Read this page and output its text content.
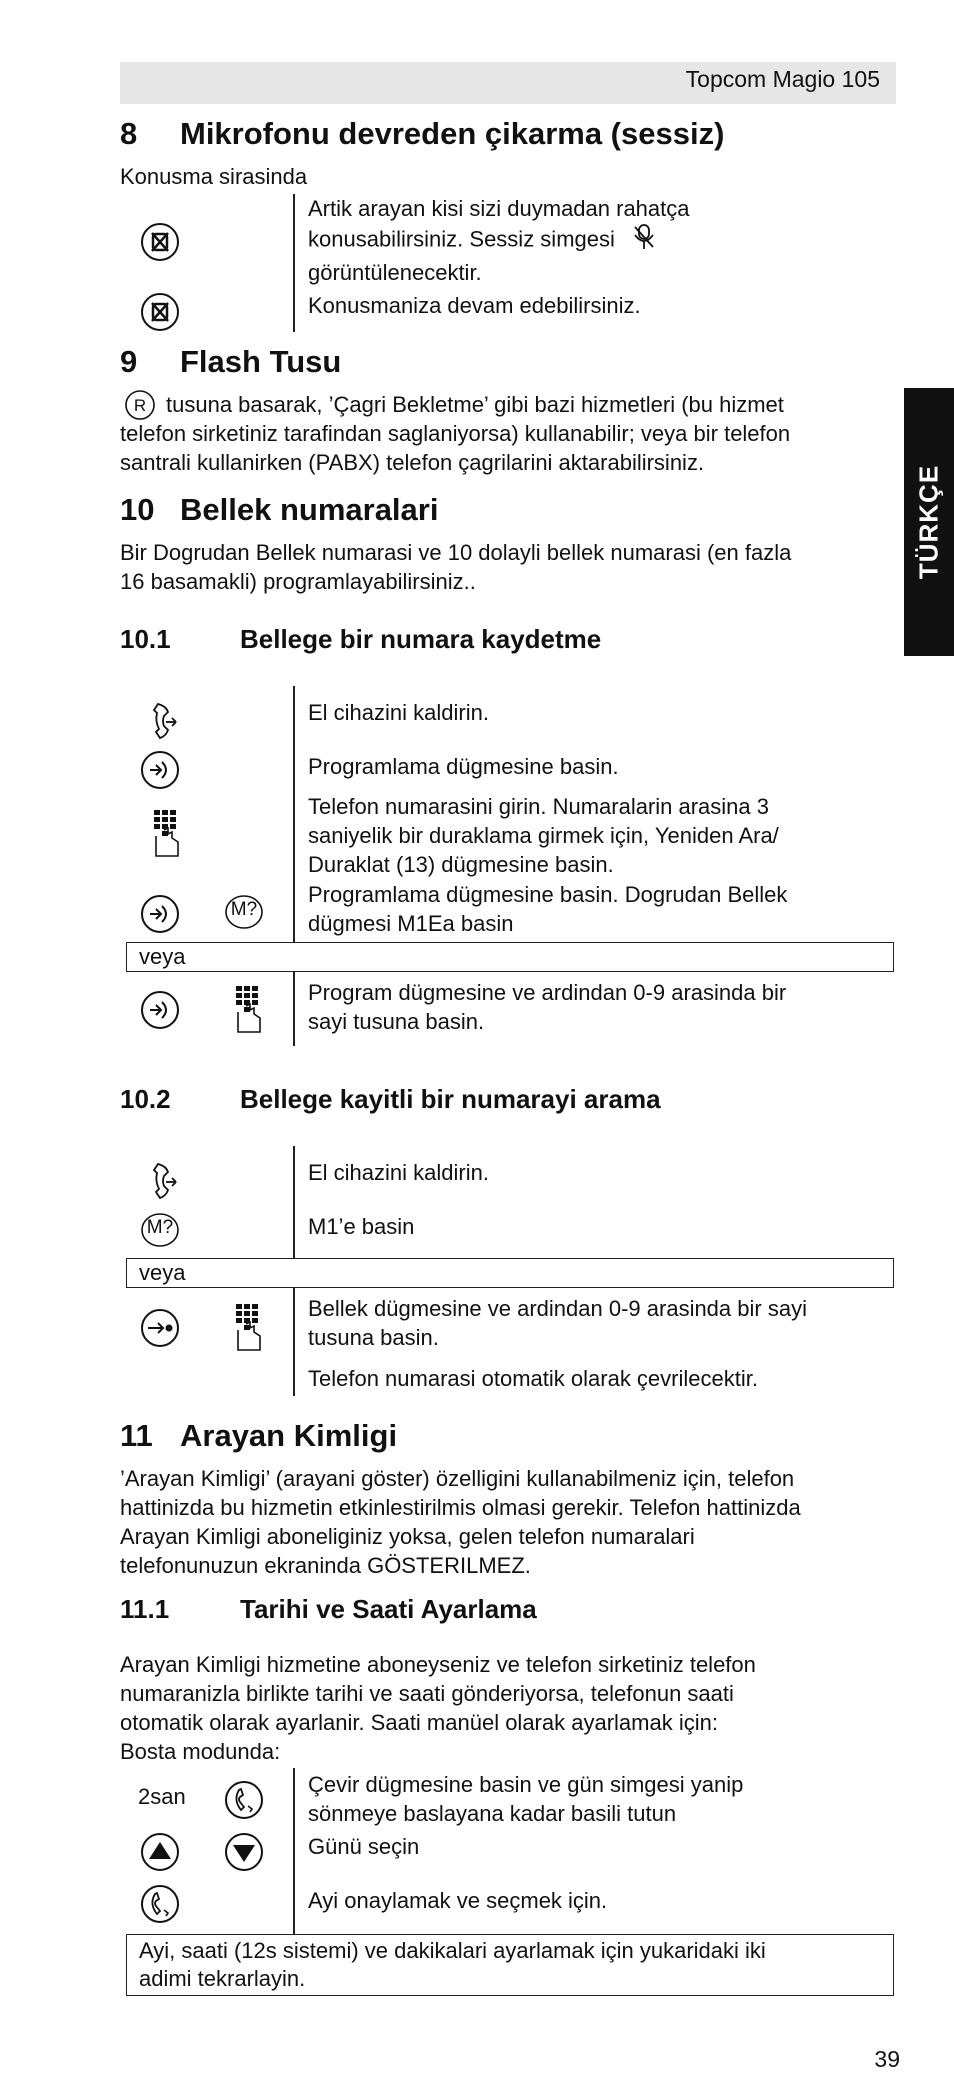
Topcom Magio 105
TÜRKÇE
8 Mikrofonu devreden çikarma (sessiz)
Konusma sirasinda
Artik arayan kisi sizi duymadan rahatça
konusabilirsiniz. Sessiz simgesi
görüntülenecektir.
Konusmaniza devam edebilirsiniz.
9 Flash Tusu
R tusuna basarak, ’Çagri Bekletme’ gibi bazi hizmetleri (bu hizmet
telefon sirketiniz tarafindan saglaniyorsa) kullanabilir; veya bir telefon
santrali kullanirken (PABX) telefon çagrilarini aktarabilirsiniz.
10 Bellek numaralari
Bir Dogrudan Bellek numarasi ve 10 dolayli bellek numarasi (en fazla
16 basamakli) programlayabilirsiniz..
10.1	Bellege bir numara kaydetme
El cihazini kaldirin.
Programlama dügmesine basin.
Telefon numarasini girin. Numaralarin arasina 3
saniyelik bir duraklama girmek için, Yeniden Ara/
Duraklat (13) dügmesine basin.
M?
Programlama dügmesine basin. Dogrudan Bellek
dügmesi M1Ea basin
veya
Program dügmesine ve ardindan 0-9 arasinda bir
sayi tusuna basin.
10.2	Bellege kayitli bir numarayi arama
El cihazini kaldirin.
M?	M1’e basin
veya
Bellek dügmesine ve ardindan 0-9 arasinda bir sayi
tusuna basin.
Telefon numarasi otomatik olarak çevrilecektir.
11 Arayan Kimligi
’Arayan Kimligi’ (arayani göster) özelligini kullanabilmeniz için, telefon
hattinizda bu hizmetin etkinlestirilmis olmasi gerekir. Telefon hattinizda
Arayan Kimligi aboneliginiz yoksa, gelen telefon numaralari
telefonunuzun ekraninda GÖSTERILMEZ.
11.1	Tarihi ve Saati Ayarlama
Arayan Kimligi hizmetine aboneyseniz ve telefon sirketiniz telefon
numaranizla birlikte tarihi ve saati gönderiyorsa, telefonun saati
otomatik olarak ayarlanir. Saati manüel olarak ayarlamak için:
Bosta modunda:
2san	Çevir dügmesine basin ve gün simgesi yanip
sönmeye baslayana kadar basili tutun
Günü seçin
Ayi onaylamak ve seçmek için.
Ayi, saati (12s sistemi) ve dakikalari ayarlamak için yukaridaki iki
adimi tekrarlayin.
39
